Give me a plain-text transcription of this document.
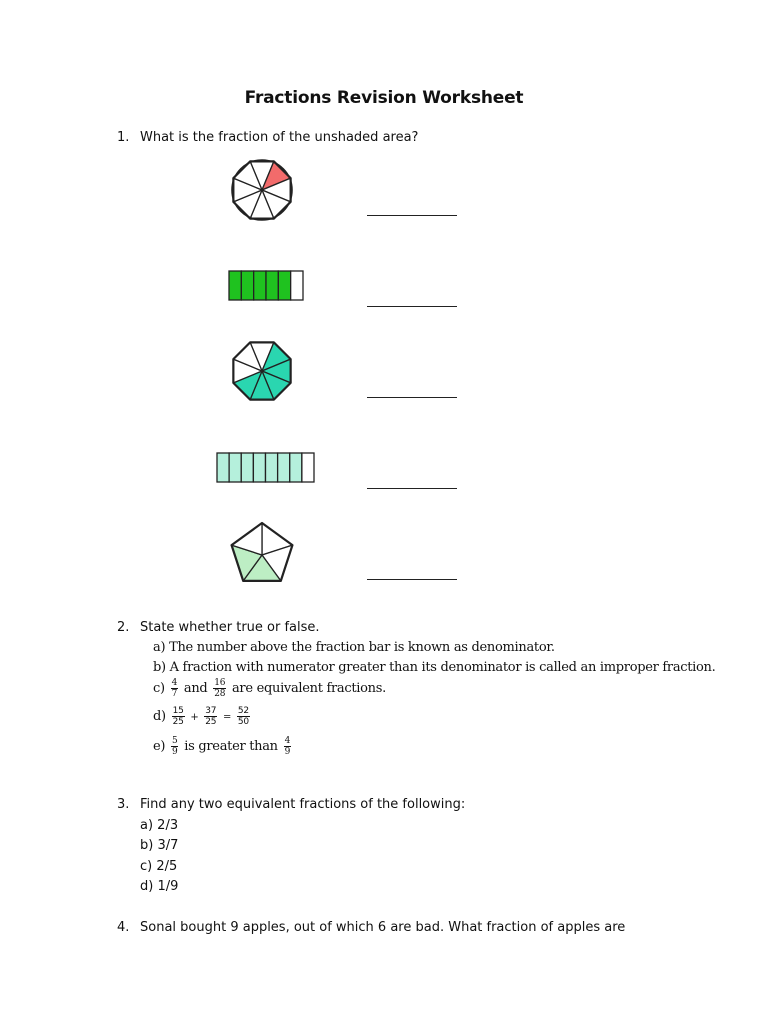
Fractions Revision Worksheet
1. What is the fraction of the unshaded area?
2. State whether true or false.
a) The number above the fraction bar is known as denominator.
b) A fraction with numerator greater than its denominator is called an improper fraction.
$c) \frac{4}{7}$ and $\frac{16}{28}$ are equivalent fractions.
$d) \frac{15}{25} + \frac{37}{25} = \frac{52}{50}$
$e) \frac{5}{9}$ is greater than $\frac{4}{9}$
3. Find any two equivalent fractions of the following:
a) 2/3
b) 3/7
c) 2/5
d) 1/9
4. Sonal bought 9 apples, out of which 6 are bad. What fraction of apples are
